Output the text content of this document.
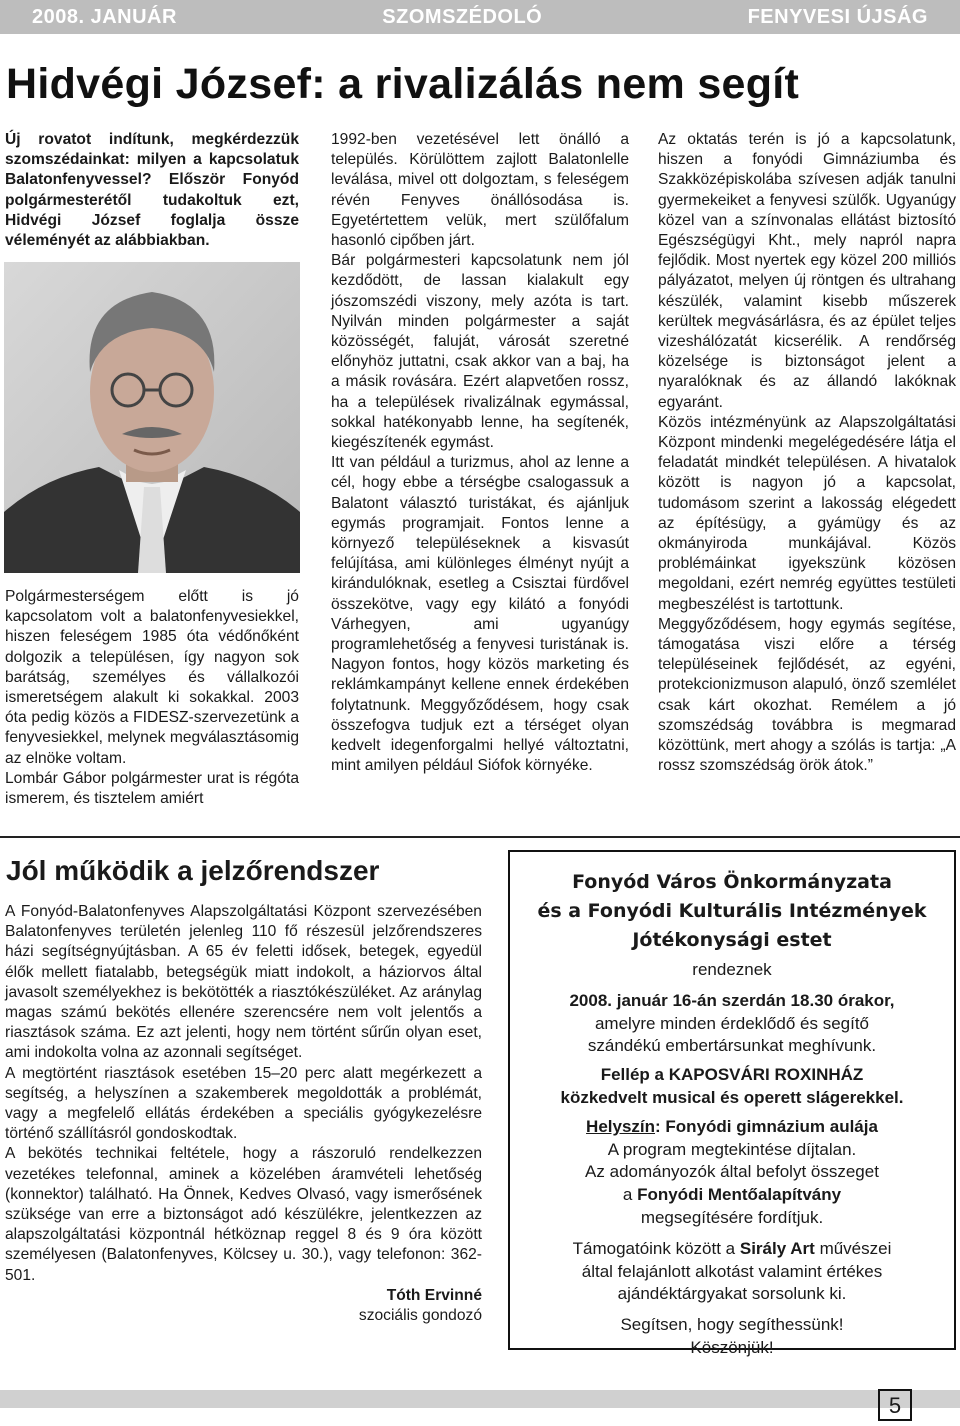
2008. JANUÁR	SZOMSZÉDOLÓ	FENYVESI ÚJSÁG
Hidvégi József: a rivalizálás nem segít

Új rovatot indítunk, megkérdezzük szomszédainkat: milyen a kapcsolatuk Balatonfenyvessel? Először Fonyód polgármesterétől tudakoltuk ezt, Hidvégi József foglalja össze véleményét az alábbiakban.

Polgármesterségem előtt is jó kapcsolatom volt a balatonfenyvesiekkel, hiszen feleségem 1985 óta védőnőként dolgozik a településen, így nagyon sok barátság, személyes és vállalkozói ismeretségem alakult ki sokakkal. 2003 óta pedig közös a FIDESZ-szervezetünk a fenyvesiekkel, melynek megválasztásomig az elnöke voltam.

Lombár Gábor polgármester urat is régóta ismerem, és tisztelem amiért

1992-ben vezetésével lett önálló a település. Körülöttem zajlott Balatonlelle leválása, mivel ott dolgoztam, s feleségem révén Fenyves önállósodása is. Egyetértettem velük, mert szülőfalum hasonló cipőben járt.

Bár polgármesteri kapcsolatunk nem jól kezdődött, de lassan kialakult egy jószomszédi viszony, mely azóta is tart. Nyilván minden polgármester a saját közösségét, faluját, városát szeretné előnyhöz juttatni, csak akkor van a baj, ha a másik rovására. Ezért alapvetően rossz, ha a települések rivalizálnak egymással, sokkal hatékonyabb lenne, ha segítenék, kiegészítenék egymást.

Itt van például a turizmus, ahol az lenne a cél, hogy ebbe a térségbe csalogassuk a Balatont választó turistákat, és ajánljuk egymás programjait. Fontos lenne a környező településeknek a kisvasút felújítása, ami különleges élményt nyújt a kirándulóknak, esetleg a Csisztai fürdővel összekötve, vagy egy kilátó a fonyódi Várhegyen, ami ugyanúgy programlehetőség a fenyvesi turistának is. Nagyon fontos, hogy közös marketing és reklámkampányt kellene ennek érdekében folytatnunk. Meggyőződésem, hogy csak összefogva tudjuk ezt a térséget olyan kedvelt idegenforgalmi hellyé változtatni, mint amilyen például Siófok környéke.

Az oktatás terén is jó a kapcsolatunk, hiszen a fonyódi Gimnáziumba és Szakközépiskolába szívesen adják tanulni gyermekeiket a fenyvesi szülők. Ugyanúgy közel van a színvonalas ellátást biztosító Egészségügyi Kht., mely napról napra fejlődik. Most nyertek egy közel 200 milliós pályázatot, melyen új röntgen és ultrahang készülék, valamint kisebb műszerek kerültek megvásárlásra, és az épület teljes vizeshálózatát kicserélik. A rendőrség közelsége is biztonságot jelent a nyaralóknak és az állandó lakóknak egyaránt.

Közös intézményünk az Alapszolgáltatási Központ mindenki megelégedésére látja el feladatát mindkét településen. A hivatalok között is nagyon jó a kapcsolat, tudomásom szerint a lakosság elégedett az építésügy, a gyámügy és az okmányiroda munkájával. Közös problémáinkat igyekszünk közösen megoldani, ezért nemrég együttes testületi megbeszélést is tartottunk.

Meggyőződésem, hogy egymás segítése, támogatása viszi előre a térség településeinek fejlődését, az egyéni, protekcionizmuson alapuló, önző szemlélet csak kárt okozhat. Remélem a jó szomszédság továbbra is megmarad közöttünk, mert ahogy a szólás is tartja: „A rossz szomszédság örök átok.”

Jól működik a jelzőrendszer

A Fonyód-Balatonfenyves Alapszolgáltatási Központ szervezésében Balatonfenyves területén jelenleg 110 fő részesül jelzőrendszeres házi segítségnyújtásban. A 65 év feletti idősek, betegek, egyedül élők mellett fiatalabb, betegségük miatt indokolt, a háziorvos által javasolt személyekhez is bekötötték a riasztókészüléket. Az aránylag magas számú bekötés ellenére szerencsére nem volt jelentős a riasztások száma. Ez azt jelenti, hogy nem történt sűrűn olyan eset, ami indokolta volna az azonnali segítséget.

A megtörtént riasztások esetében 15–20 perc alatt megérkezett a segítség, a helyszínen a szakemberek megoldották a problémát, vagy a megfelelő ellátás érdekében a speciális gyógykezelésre történő szállításról gondoskodtak.

A bekötés technikai feltétele, hogy a rászoruló rendelkezzen vezetékes telefonnal, aminek a közelében áramvételi lehetőség (konnektor) található. Ha Önnek, Kedves Olvasó, vagy ismerősének szüksége van erre a biztonságot adó készülékre, jelentkezzen az alapszolgáltatási központnál hétköznap reggel 8 és 9 óra között személyesen (Balatonfenyves, Kölcsey u. 30.), vagy telefonon: 362-501.

Tóth Ervinné

szociális gondozó

Fonyód Város Önkormányzata
és a Fonyódi Kulturális Intézmények
Jótékonysági estet
rendeznek
2008. január 16-án szerdán 18.30 órakor,
amelyre minden érdeklődő és segítő
szándékú embertársunkat meghívunk.
Fellép a KAPOSVÁRI ROXINHÁZ
közkedvelt musical és operett slágerekkel.
Helyszín: Fonyódi gimnázium aulája
A program megtekintése díjtalan.
Az adományozók által befolyt összeget
a Fonyódi Mentőalapítvány
megsegítésére fordítjuk.
Támogatóink között a Sirály Art művészei
által felajánlott alkotást valamint értékes
ajándéktárgyakat sorsolunk ki.
Segítsen, hogy segíthessünk!
Köszönjük!
5
